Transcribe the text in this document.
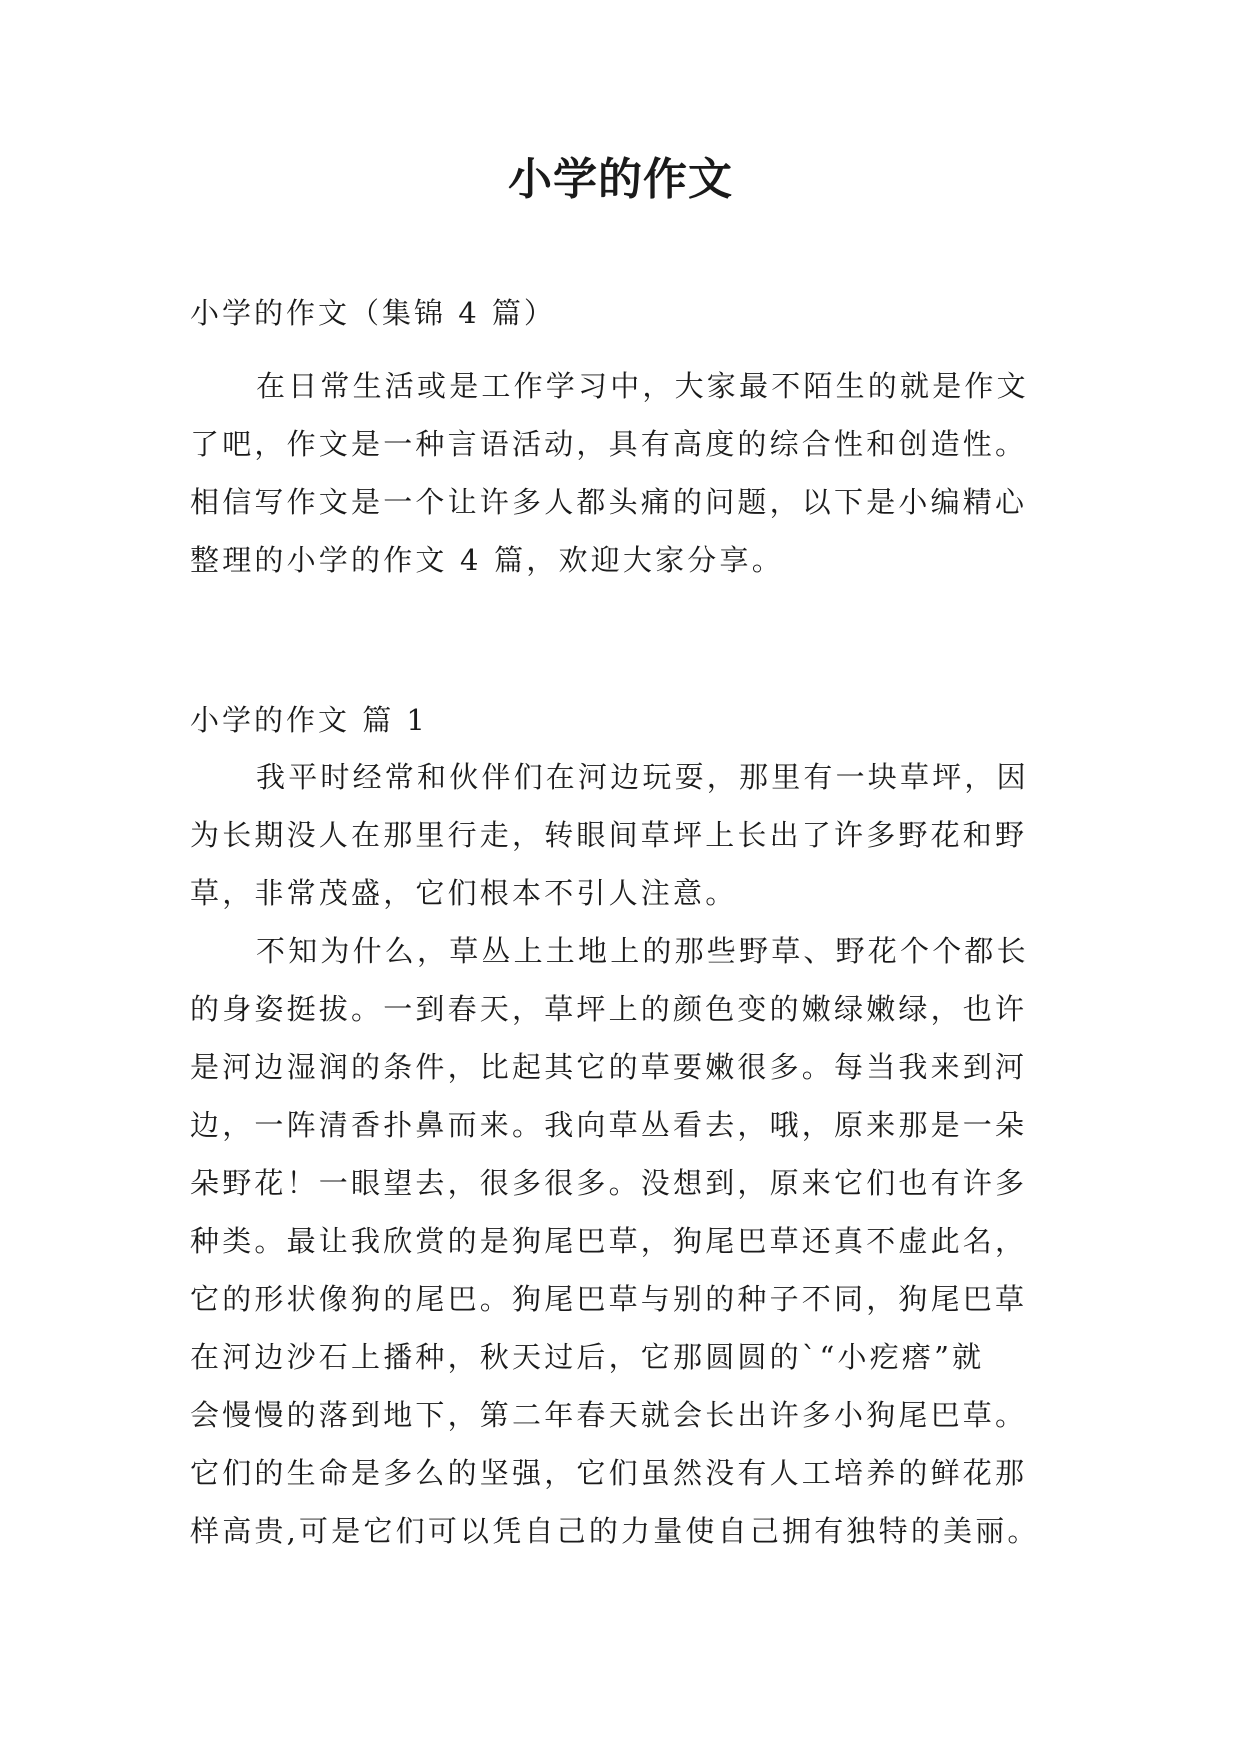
小学的作文

小学的作文（集锦 4 篇）

在日常生活或是工作学习中，大家最不陌生的就是作文
了吧，作文是一种言语活动，具有高度的综合性和创造性。
相信写作文是一个让许多人都头痛的问题，以下是小编精心
整理的小学的作文 4 篇，欢迎大家分享。

小学的作文 篇 1

我平时经常和伙伴们在河边玩耍，那里有一块草坪，因
为长期没人在那里行走，转眼间草坪上长出了许多野花和野
草，非常茂盛，它们根本不引人注意。
不知为什么，草丛上土地上的那些野草、野花个个都长
的身姿挺拔。一到春天，草坪上的颜色变的嫩绿嫩绿，也许
是河边湿润的条件，比起其它的草要嫩很多。每当我来到河
边，一阵清香扑鼻而来。我向草丛看去，哦，原来那是一朵
朵野花！一眼望去，很多很多。没想到，原来它们也有许多
种类。最让我欣赏的是狗尾巴草，狗尾巴草还真不虚此名，
它的形状像狗的尾巴。狗尾巴草与别的种子不同，狗尾巴草
在河边沙石上播种，秋天过后，它那圆圆的`“小疙瘩”就
会慢慢的落到地下，第二年春天就会长出许多小狗尾巴草。
它们的生命是多么的坚强，它们虽然没有人工培养的鲜花那
样高贵,可是它们可以凭自己的力量使自己拥有独特的美丽。
